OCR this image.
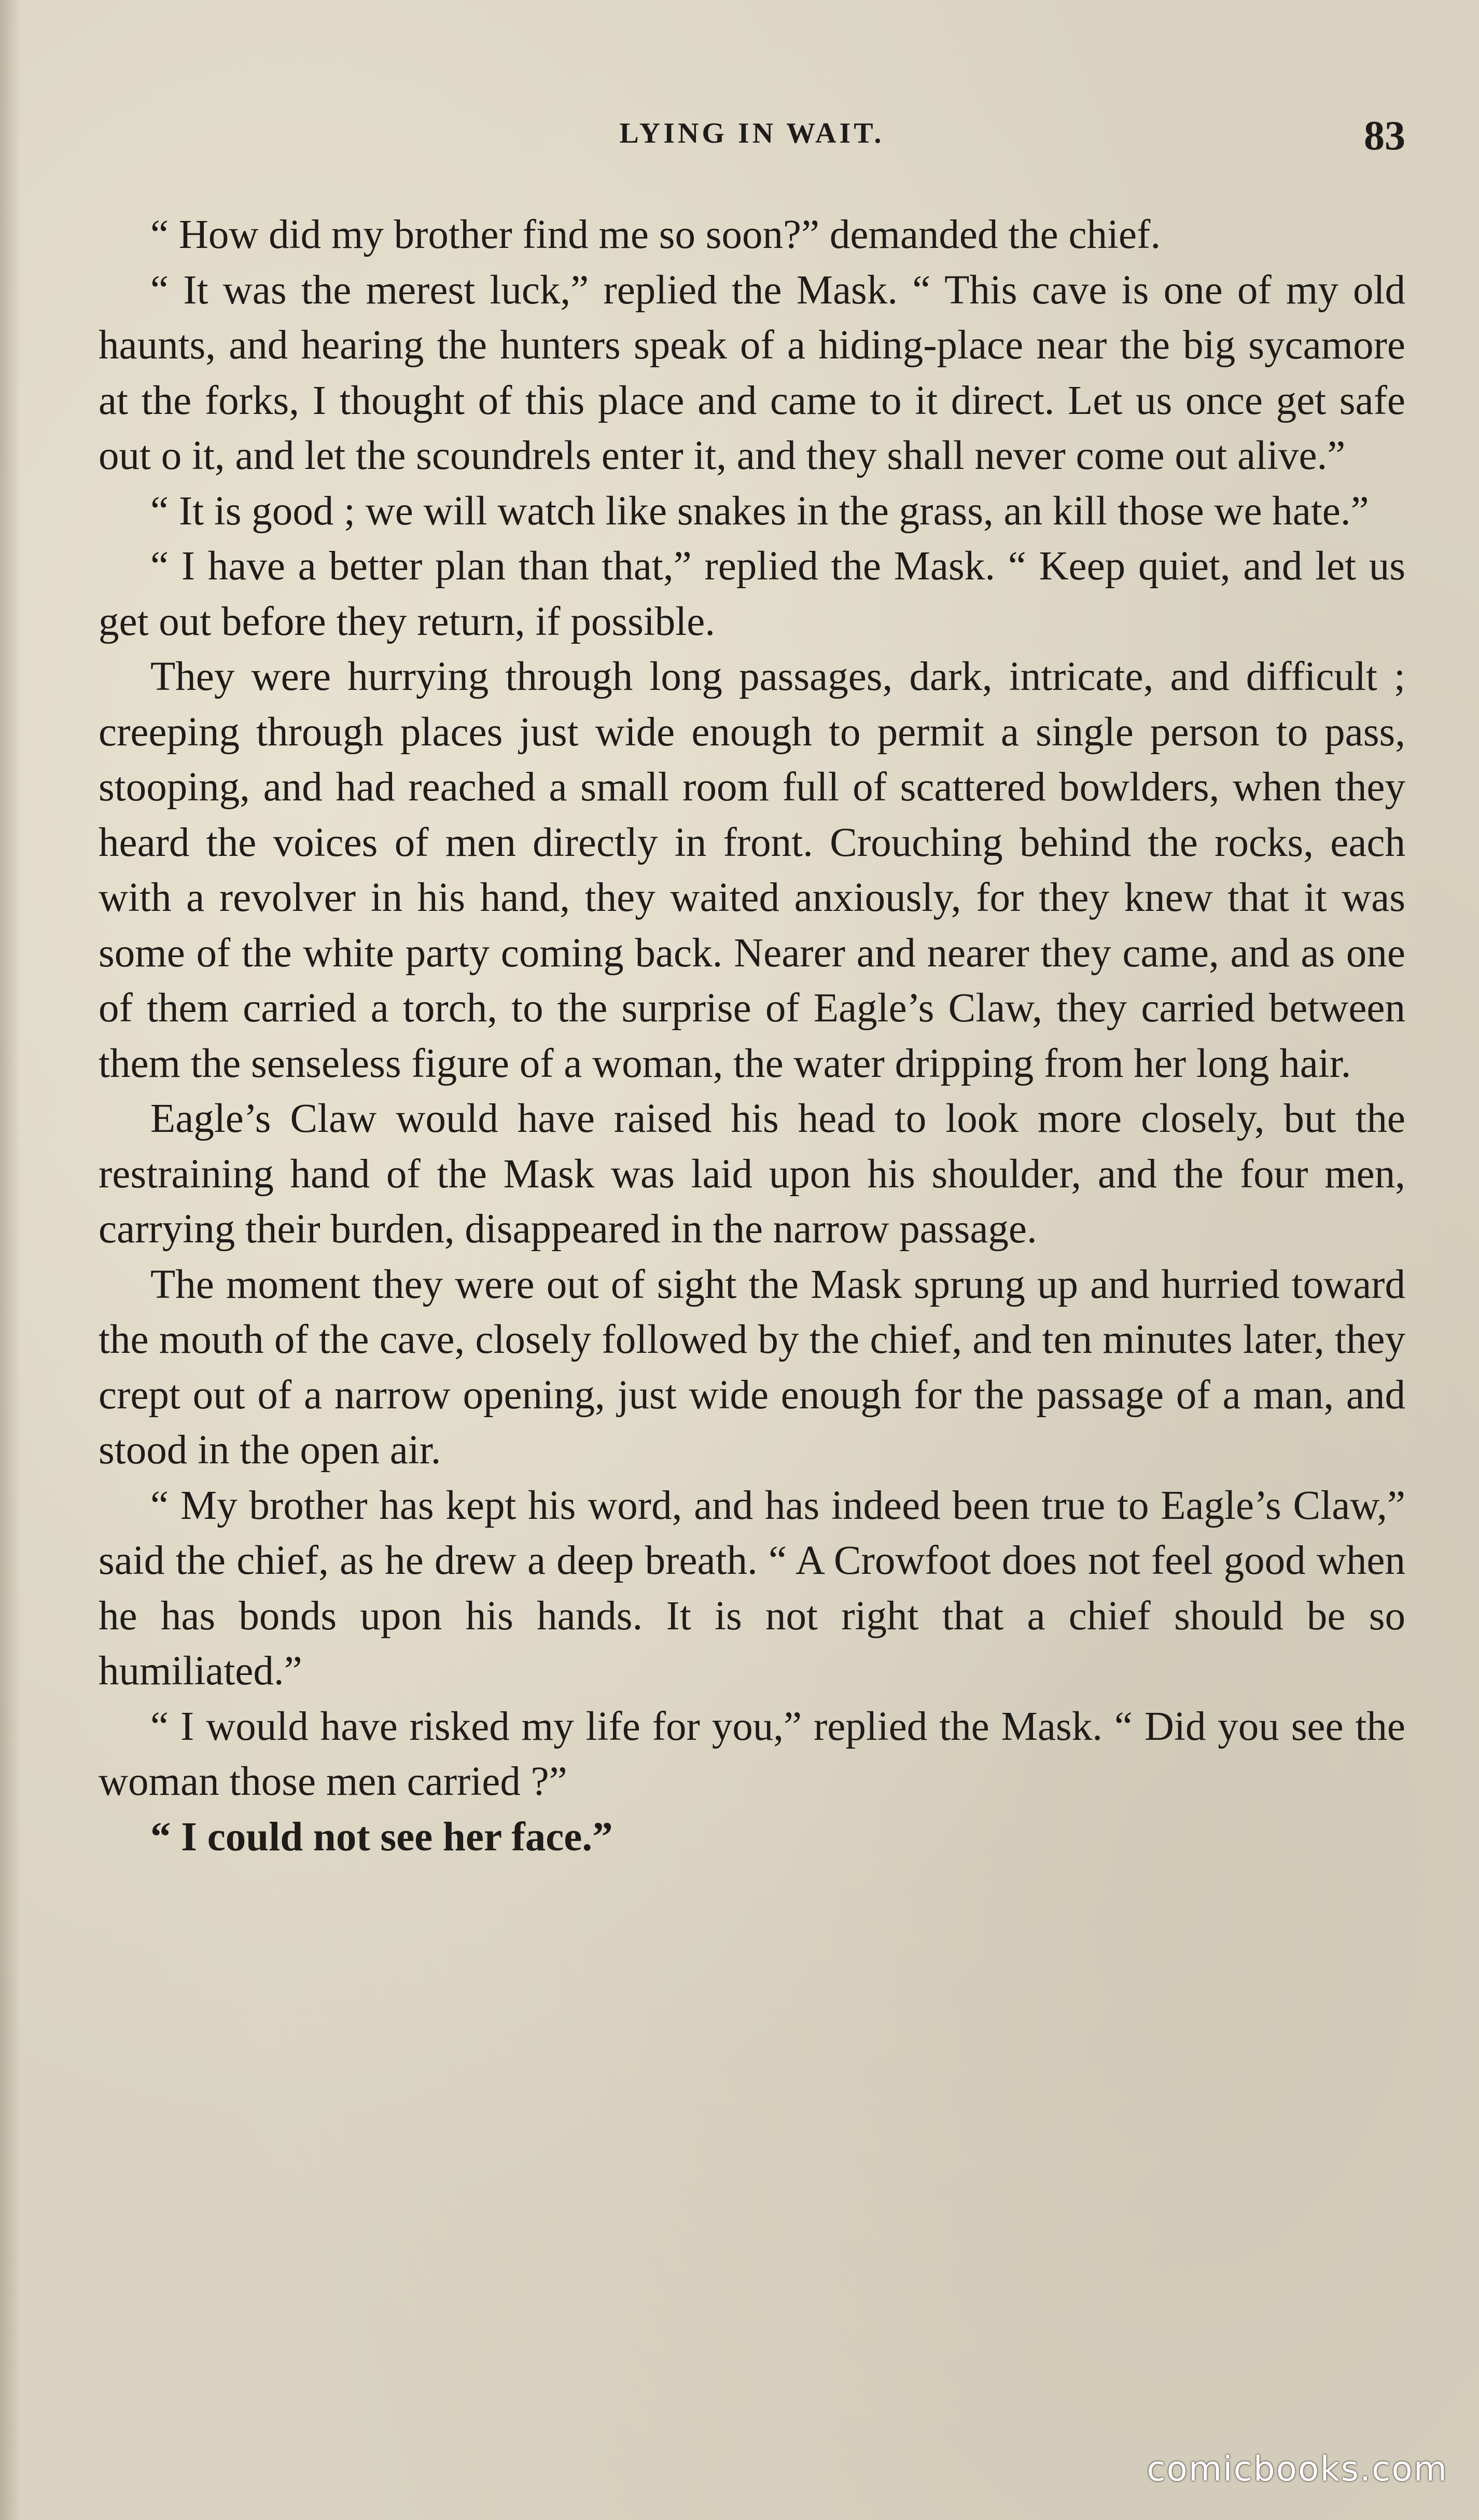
LYING IN WAIT.	83

“ How did my brother find me so soon?” demanded the chief.

“ It was the merest luck,” replied the Mask. “ This cave is one of my old haunts, and hearing the hunters speak of a hiding-place near the big sycamore at the forks, I thought of this place and came to it direct. Let us once get safe out o it, and let the scoundrels enter it, and they shall never come out alive.”

“ It is good ; we will watch like snakes in the grass, an kill those we hate.”

“ I have a better plan than that,” replied the Mask. “ Keep quiet, and let us get out before they return, if possible.

They were hurrying through long passages, dark, intricate, and difficult ; creeping through places just wide enough to permit a single person to pass, stooping, and had reached a small room full of scattered bowlders, when they heard the voices of men directly in front. Crouching behind the rocks, each with a revolver in his hand, they waited anxiously, for they knew that it was some of the white party coming back. Nearer and nearer they came, and as one of them carried a torch, to the surprise of Eagle’s Claw, they carried between them the senseless figure of a woman, the water dripping from her long hair.

Eagle’s Claw would have raised his head to look more closely, but the restraining hand of the Mask was laid upon his shoulder, and the four men, carrying their burden, disappeared in the narrow passage.

The moment they were out of sight the Mask sprung up and hurried toward the mouth of the cave, closely followed by the chief, and ten minutes later, they crept out of a narrow opening, just wide enough for the passage of a man, and stood in the open air.

“ My brother has kept his word, and has indeed been true to Eagle’s Claw,” said the chief, as he drew a deep breath. “ A Crowfoot does not feel good when he has bonds upon his hands. It is not right that a chief should be so humiliated.”

“ I would have risked my life for you,” replied the Mask. “ Did you see the woman those men carried ?”

“ I could not see her face.”

comicbooks.com
